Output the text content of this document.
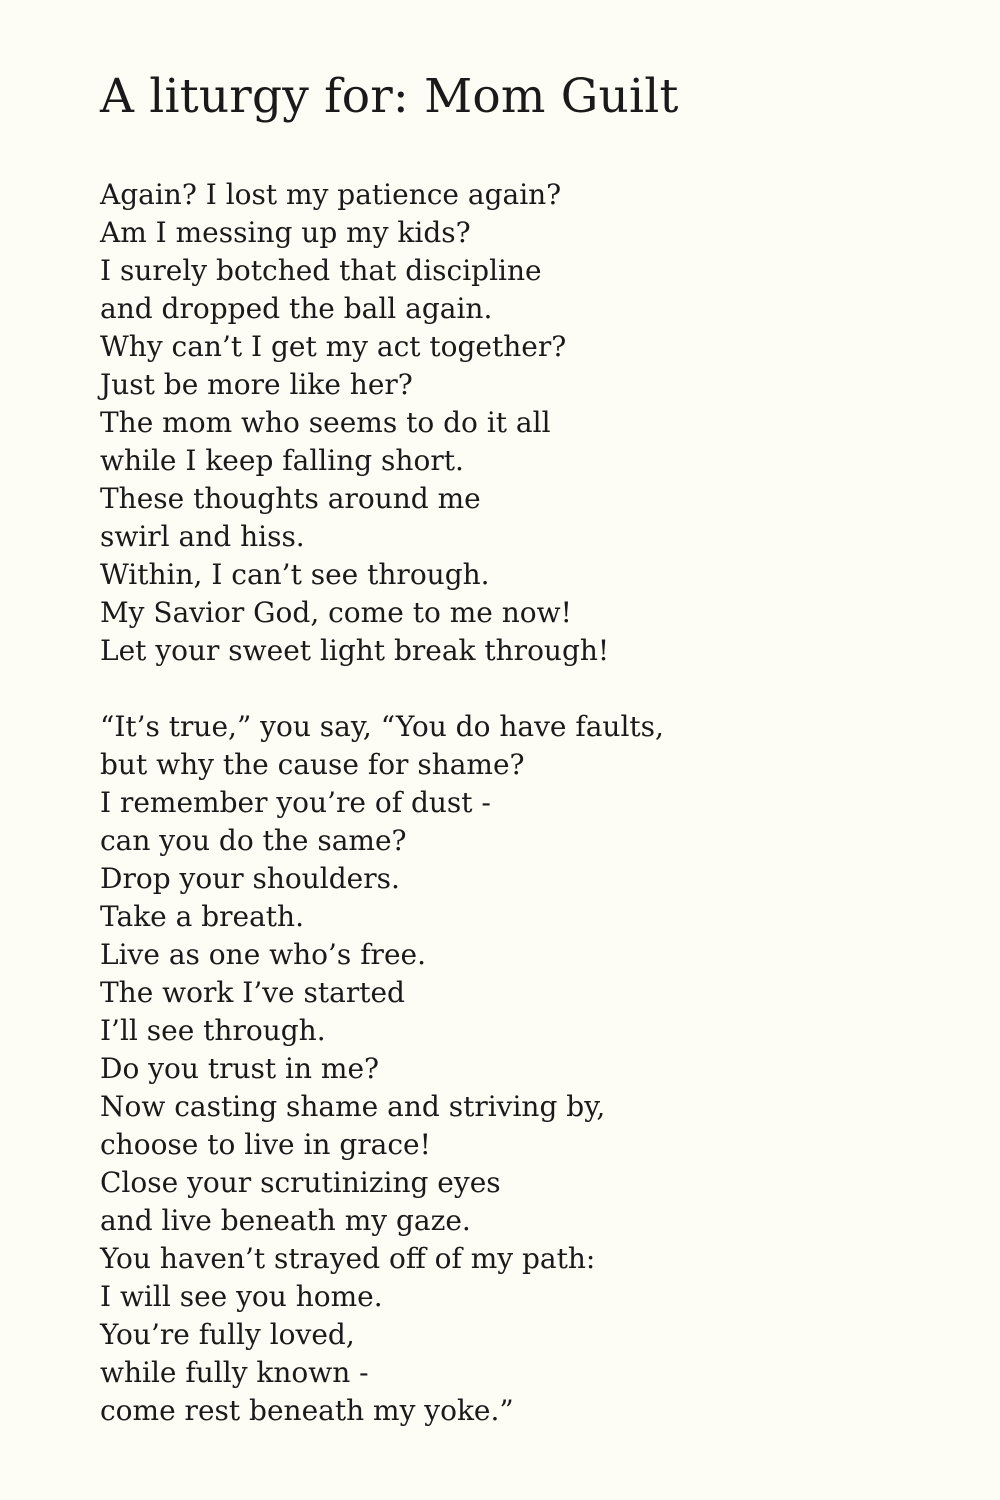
A liturgy for: Mom Guilt
Again? I lost my patience again?
Am I messing up my kids?
I surely botched that discipline
and dropped the ball again.
Why can’t I get my act together?
Just be more like her?
The mom who seems to do it all
while I keep falling short.
These thoughts around me
swirl and hiss.
Within, I can’t see through.
My Savior God, come to me now!
Let your sweet light break through!
“It’s true,” you say, “You do have faults,
but why the cause for shame?
I remember you’re of dust -
can you do the same?
Drop your shoulders.
Take a breath.
Live as one who’s free.
The work I’ve started
I’ll see through.
Do you trust in me?
Now casting shame and striving by,
choose to live in grace!
Close your scrutinizing eyes
and live beneath my gaze.
You haven’t strayed off of my path:
I will see you home.
You’re fully loved,
while fully known -
come rest beneath my yoke.”
